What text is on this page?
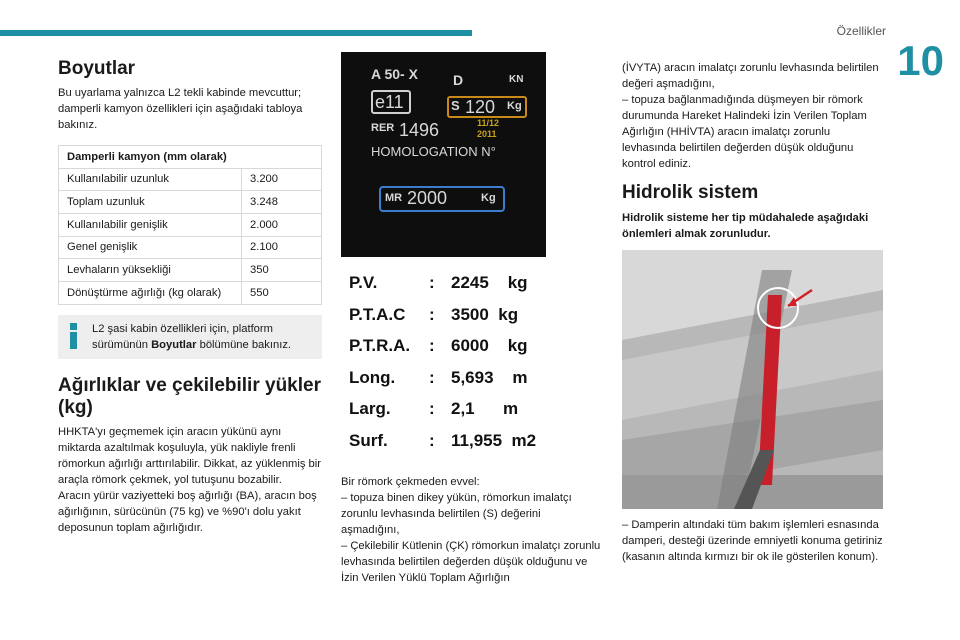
Özellikler
10
Boyutlar

Bu uyarlama yalnızca L2 tekli kabinde mevcuttur; damperli kamyon özellikleri için aşağıdaki tabloya bakınız.

Damperli kamyon (mm olarak)	
Kullanılabilir uzunluk	3.200
Toplam uzunluk	3.248
Kullanılabilir genişlik	2.000
Genel genişlik	2.100
Levhaların yüksekliği	350
Dönüştürme ağırlığı (kg olarak)	550
L2 şasi kabin özellikleri için, platform sürümünün Boyutlar bölümüne bakınız.
Ağırlıklar ve çekilebilir yükler (kg)

HHKTA'yı geçmemek için aracın yükünü aynı miktarda azaltılmak koşuluyla, yük nakliyle frenli römorkun ağırlığı arttırılabilir. Dikkat, az yüklenmiş bir araçla römork çekmek, yol tutuşunu bozabilir.

Aracın yürür vaziyetteki boş ağırlığı (BA), aracın boş ağırlığının, sürücünün (75 kg) ve %90'ı dolu yakıt deposunun toplam ağırlığıdır.

A 50- X	D	KN
e11	S 120 Kg
RER 1496	11/12
2011
HOMOLOGATION N°
MR 2000	Kg
P.V.	: 2245    kg
P.T.A.C : 3500  kg
P.T.R.A. : 6000    kg
Long. : 5,693    m
Larg. : 2,1      m
Surf. : 11,955  m2

Bir römork çekmeden evvel:

– topuza binen dikey yükün, römorkun imalatçı zorunlu levhasında belirtilen (S) değerini aşmadığını,

– Çekilebilir Kütlenin (ÇK) römorkun imalatçı zorunlu levhasında belirtilen değerden düşük olduğunu ve İzin Verilen Yüklü Toplam Ağırlığın

(İVYTA) aracın imalatçı zorunlu levhasında belirtilen değeri aşmadığını,

– topuza bağlanmadığında düşmeyen bir römork durumunda Hareket Halindeki İzin Verilen Toplam Ağırlığın (HHİVTA) aracın imalatçı zorunlu levhasında belirtilen değerden düşük olduğunu kontrol ediniz.

Hidrolik sistem

Hidrolik sisteme her tip müdahalede aşağıdaki önlemleri almak zorunludur.

– Damperin altındaki tüm bakım işlemleri esnasında damperi, desteği üzerinde emniyetli konuma getiriniz (kasanın altında kırmızı bir ok ile gösterilen konum).
